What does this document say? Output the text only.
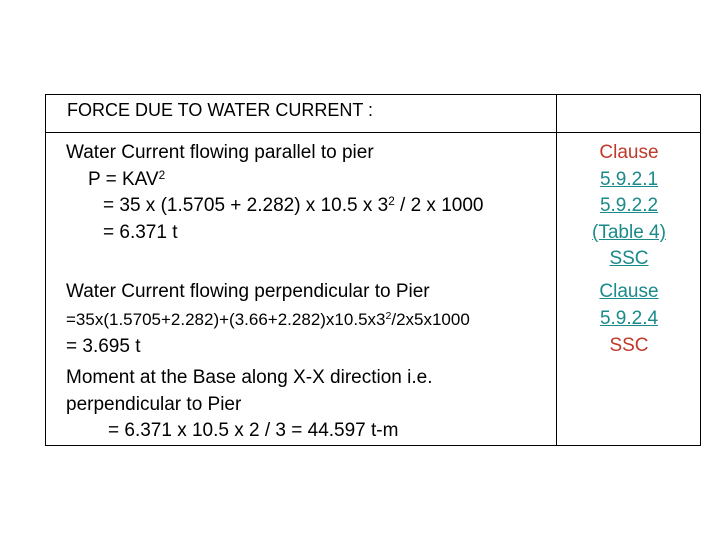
FORCE DUE TO WATER CURRENT :
Water Current flowing parallel to pier
$P = KAV^2$
= 35 x (1.5705 + 2.282) x 10.5 x $3^2 / 2$ x 1000
= 6.371 t
Water Current flowing perpendicular to Pier
$=35x(1.5705+2.282)+(3.66+2.282)x10.5x3^2/2x5x1000$
= 3.695 t
Moment at the Base along X-X direction i.e.
perpendicular to Pier
= 6.371 x 10.5 x 2 / 3 = 44.597 t-m
Clause
5.9.2.1
5.9.2.2
(Table 4)
SSC
Clause
5.9.2.4
SSC
